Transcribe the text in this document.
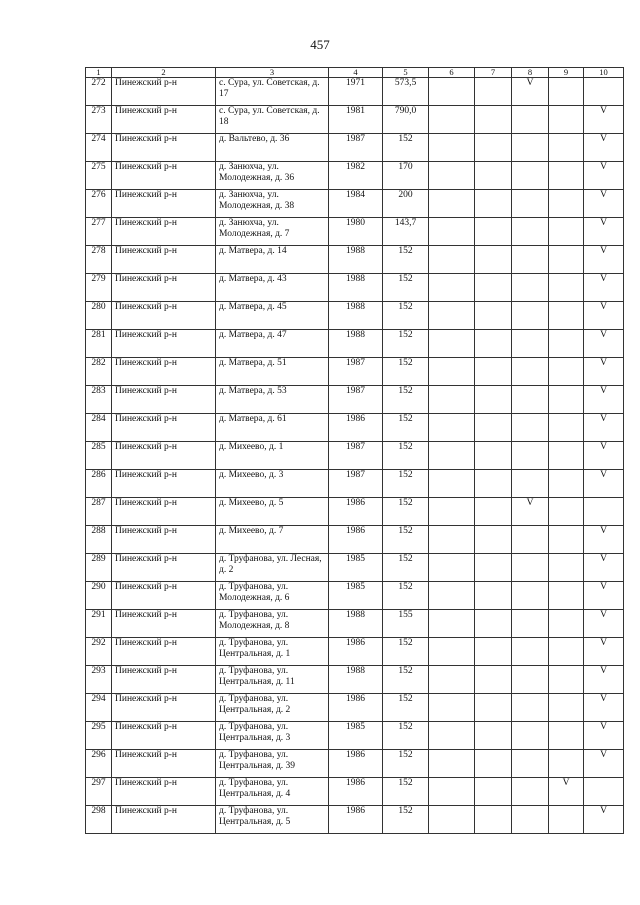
457
1	2	3	4	5	6	7	8	9	10
272	Пинежский р-н	с. Сура, ул. Советская, д. 17	1971	573,5			V		
273	Пинежский р-н	с. Сура, ул. Советская, д. 18	1981	790,0					V
274	Пинежский р-н	д. Вальтево, д. 36	1987	152					V
275	Пинежский р-н	д. Занюхча, ул. Молодежная, д. 36	1982	170					V
276	Пинежский р-н	д. Занюхча, ул. Молодежная, д. 38	1984	200					V
277	Пинежский р-н	д. Занюхча, ул. Молодежная, д. 7	1980	143,7					V
278	Пинежский р-н	д. Матвера, д. 14	1988	152					V
279	Пинежский р-н	д. Матвера, д. 43	1988	152					V
280	Пинежский р-н	д. Матвера, д. 45	1988	152					V
281	Пинежский р-н	д. Матвера, д. 47	1988	152					V
282	Пинежский р-н	д. Матвера, д. 51	1987	152					V
283	Пинежский р-н	д. Матвера, д. 53	1987	152					V
284	Пинежский р-н	д. Матвера, д. 61	1986	152					V
285	Пинежский р-н	д. Михеево, д. 1	1987	152					V
286	Пинежский р-н	д. Михеево, д. 3	1987	152					V
287	Пинежский р-н	д. Михеево, д. 5	1986	152			V		
288	Пинежский р-н	д. Михеево, д. 7	1986	152					V
289	Пинежский р-н	д. Труфанова, ул. Лесная, д. 2	1985	152					V
290	Пинежский р-н	д. Труфанова, ул. Молодежная, д. 6	1985	152					V
291	Пинежский р-н	д. Труфанова, ул. Молодежная, д. 8	1988	155					V
292	Пинежский р-н	д. Труфанова, ул. Центральная, д. 1	1986	152					V
293	Пинежский р-н	д. Труфанова, ул. Центральная, д. 11	1988	152					V
294	Пинежский р-н	д. Труфанова, ул. Центральная, д. 2	1986	152					V
295	Пинежский р-н	д. Труфанова, ул. Центральная, д. 3	1985	152					V
296	Пинежский р-н	д. Труфанова, ул. Центральная, д. 39	1986	152					V
297	Пинежский р-н	д. Труфанова, ул. Центральная, д. 4	1986	152				V	
298	Пинежский р-н	д. Труфанова, ул. Центральная, д. 5	1986	152					V
